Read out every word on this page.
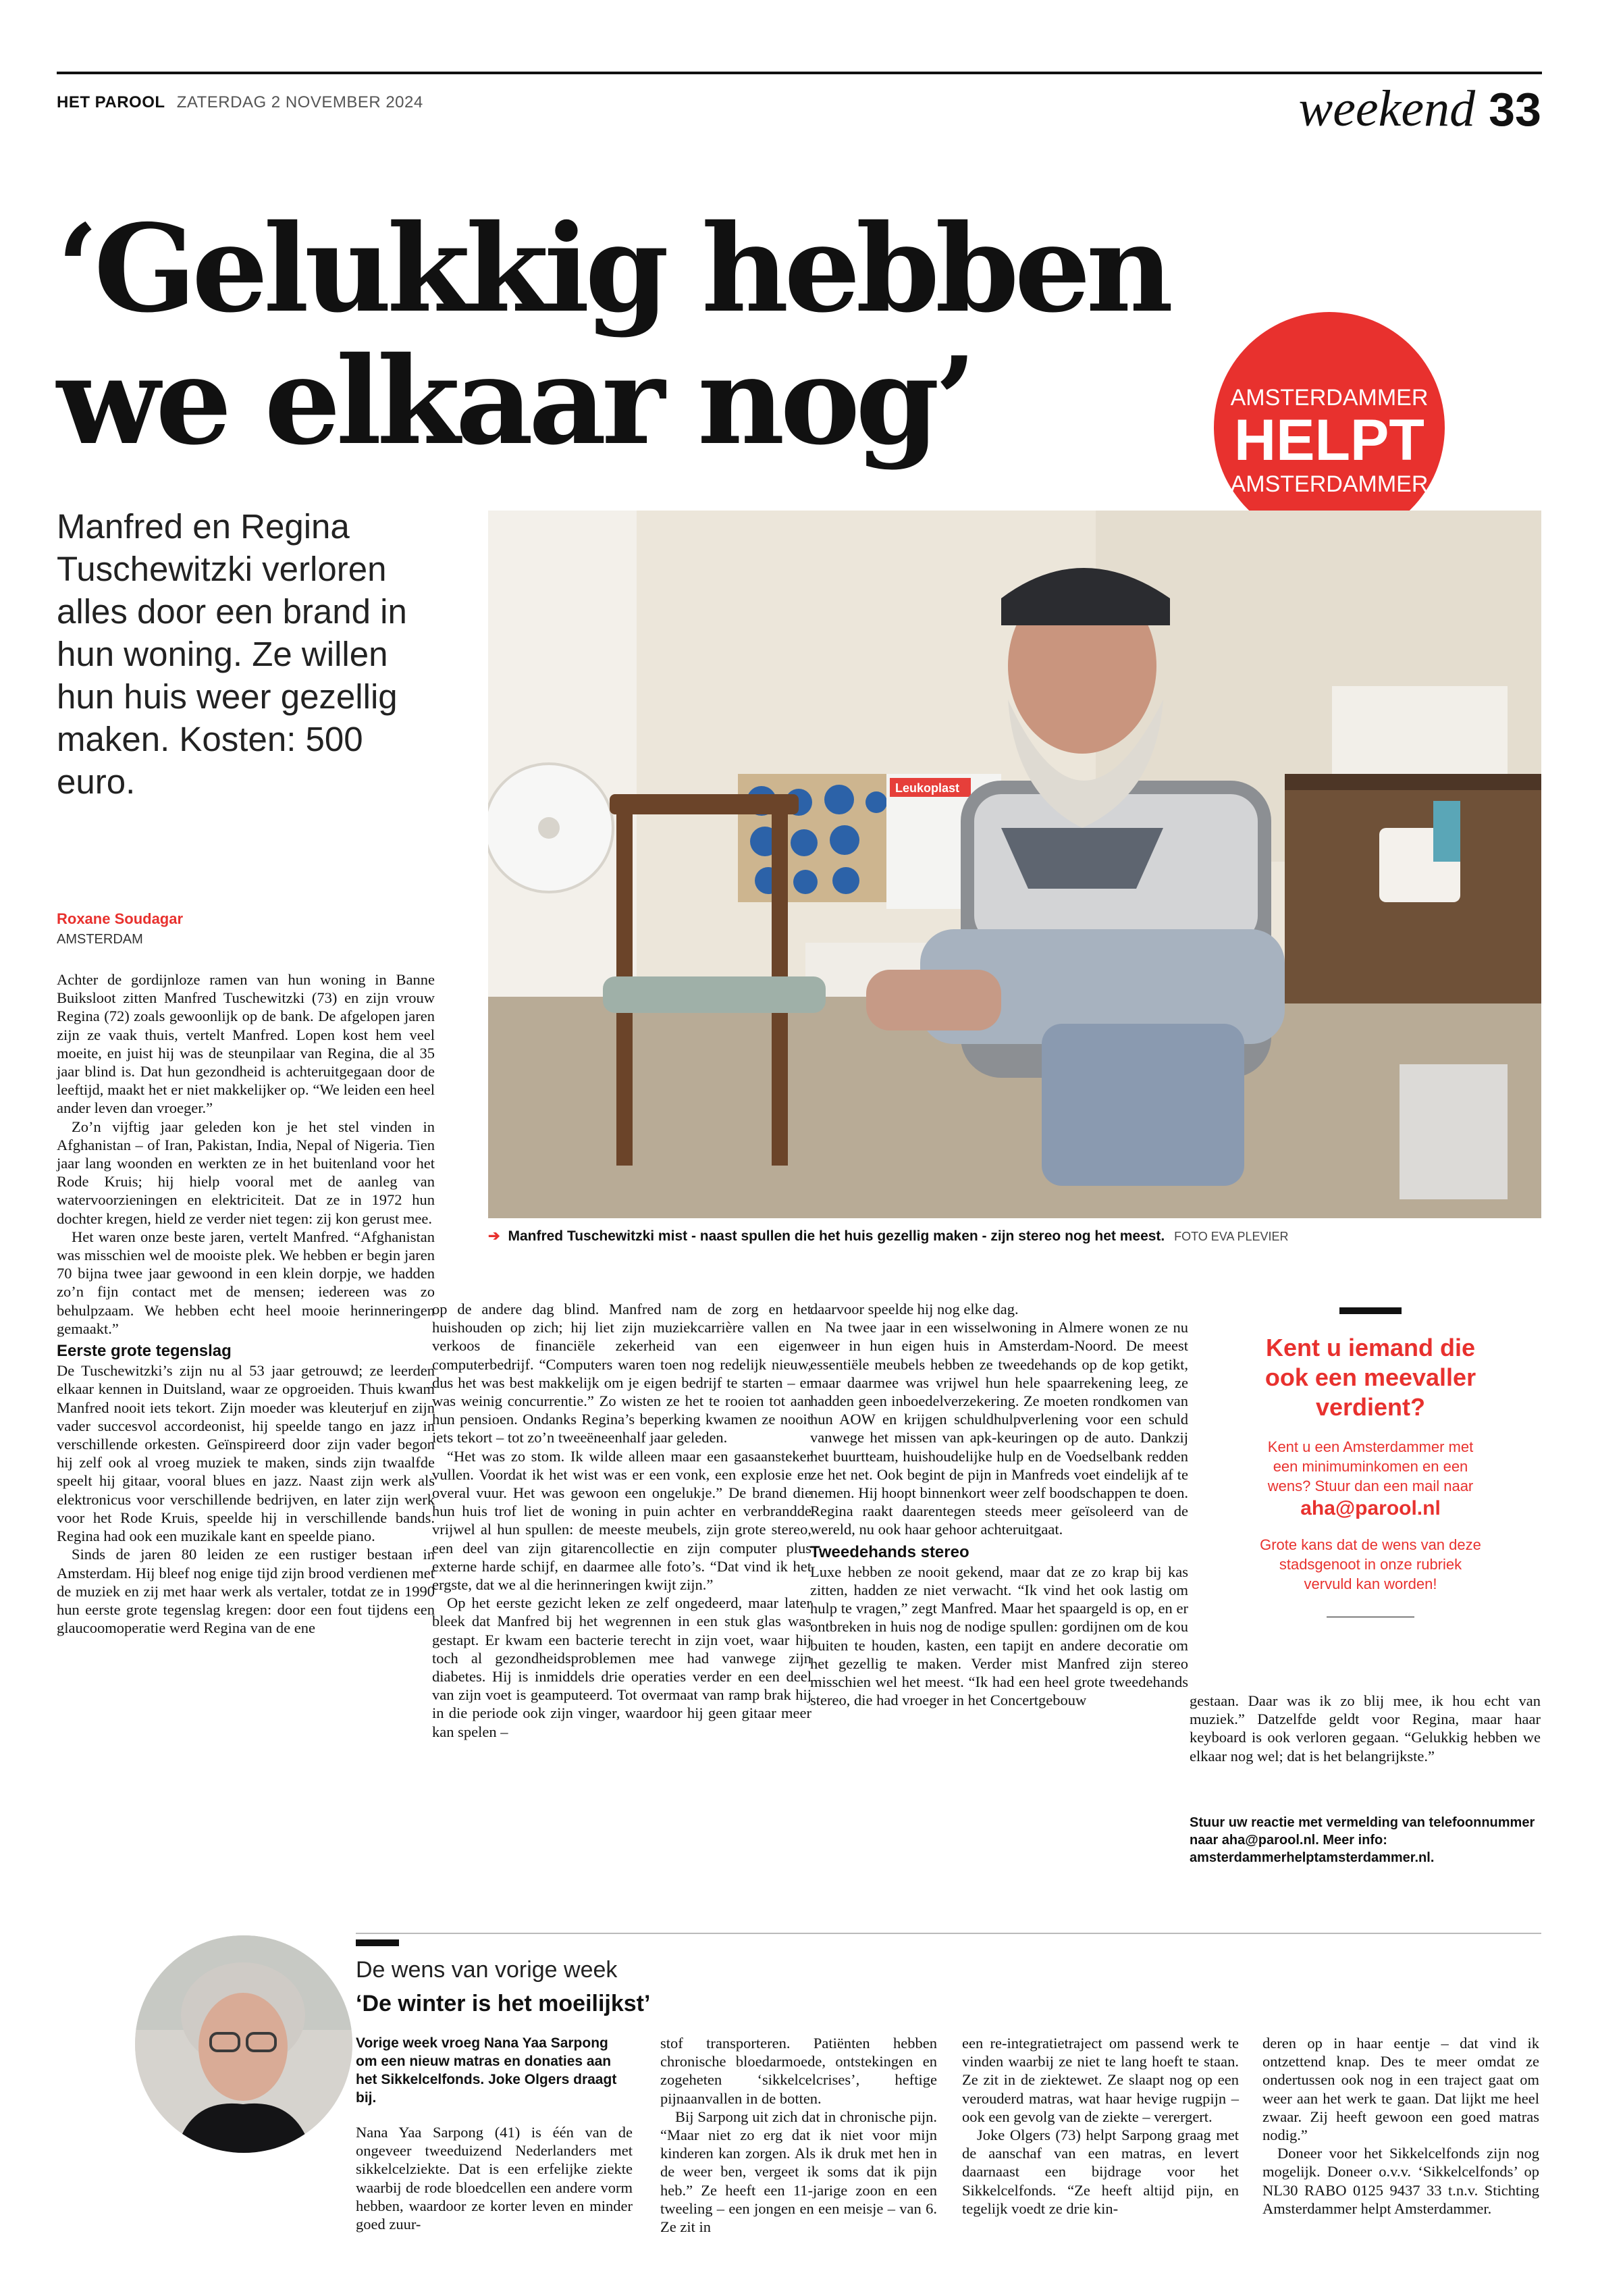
HET PAROOL ZATERDAG 2 NOVEMBER 2024	weekend 33
‘Gelukkig hebben
we elkaar nog’	AMSTERDAMMER
HELPT
AMSTERDAMMER
Manfred en Regina Tuschewitzki verloren alles door een brand in hun woning. Ze willen hun huis weer gezellig maken. Kosten: 500 euro.	Leukoplast
➔ Manfred Tuschewitzki mist - naast spullen die het huis gezellig maken - zijn stereo nog het meest. FOTO EVA PLEVIER
Roxane Soudagar
AMSTERDAM

Achter de gordijnloze ramen van hun woning in Banne Buiksloot zitten Manfred Tuschewitzki (73) en zijn vrouw Regina (72) zoals gewoonlijk op de bank. De afgelopen jaren zijn ze vaak thuis, vertelt Manfred. Lopen kost hem veel moeite, en juist hij was de steunpilaar van Regina, die al 35 jaar blind is. Dat hun gezondheid is achteruitgegaan door de leeftijd, maakt het er niet makkelijker op. “We leiden een heel ander leven dan vroeger.”

Zo’n vijftig jaar geleden kon je het stel vinden in Afghanistan – of Iran, Pakistan, India, Nepal of Nigeria. Tien jaar lang woonden en werkten ze in het buitenland voor het Rode Kruis; hij hielp vooral met de aanleg van watervoorzieningen en elektriciteit. Dat ze in 1972 hun dochter kregen, hield ze verder niet tegen: zij kon gerust mee.

Het waren onze beste jaren, vertelt Manfred. “Afghanistan was misschien wel de mooiste plek. We hebben er begin jaren 70 bijna twee jaar gewoond in een klein dorpje, we hadden zo’n fijn contact met de mensen; iedereen was zo behulpzaam. We hebben echt heel mooie herinneringen gemaakt.”

Eerste grote tegenslag

De Tuschewitzki’s zijn nu al 53 jaar getrouwd; ze leerden elkaar kennen in Duitsland, waar ze opgroeiden. Thuis kwam Manfred nooit iets tekort. Zijn moeder was kleuterjuf en zijn vader succesvol accordeonist, hij speelde tango en jazz in verschillende orkesten. Geïnspireerd door zijn vader begon hij zelf ook al vroeg muziek te maken, sinds zijn twaalfde speelt hij gitaar, vooral blues en jazz. Naast zijn werk als elektronicus voor verschillende bedrijven, en later zijn werk voor het Rode Kruis, speelde hij in verschillende bands. Regina had ook een muzikale kant en speelde piano.

Sinds de jaren 80 leiden ze een rustiger bestaan in Amsterdam. Hij bleef nog enige tijd zijn brood verdienen met de muziek en zij met haar werk als vertaler, totdat ze in 1990 hun eerste grote tegenslag kregen: door een fout tijdens een glaucoomoperatie werd Regina van de ene

op de andere dag blind. Manfred nam de zorg en het huishouden op zich; hij liet zijn muziekcarrière vallen en verkoos de financiële zekerheid van een eigen computerbedrijf. “Computers waren toen nog redelijk nieuw, dus het was best makkelijk om je eigen bedrijf te starten – er was weinig concurrentie.” Zo wisten ze het te rooien tot aan hun pensioen. Ondanks Regina’s beperking kwamen ze nooit iets tekort – tot zo’n tweeëneenhalf jaar geleden.

“Het was zo stom. Ik wilde alleen maar een gasaansteker vullen. Voordat ik het wist was er een vonk, een explosie en overal vuur. Het was gewoon een ongelukje.” De brand die hun huis trof liet de woning in puin achter en verbrandde vrijwel al hun spullen: de meeste meubels, zijn grote stereo, een deel van zijn gitarencollectie en zijn computer plus externe harde schijf, en daarmee alle foto’s. “Dat vind ik het ergste, dat we al die herinneringen kwijt zijn.”

Op het eerste gezicht leken ze zelf ongedeerd, maar later bleek dat Manfred bij het wegrennen in een stuk glas was gestapt. Er kwam een bacterie terecht in zijn voet, waar hij toch al gezondheidsproblemen mee had vanwege zijn diabetes. Hij is inmiddels drie operaties verder en een deel van zijn voet is geamputeerd. Tot overmaat van ramp brak hij in die periode ook zijn vinger, waardoor hij geen gitaar meer kan spelen –

daarvoor speelde hij nog elke dag.

Na twee jaar in een wisselwoning in Almere wonen ze nu weer in hun eigen huis in Amsterdam-Noord. De meest essentiële meubels hebben ze tweedehands op de kop getikt, maar daarmee was vrijwel hun hele spaarrekening leeg, ze hadden geen inboedelverzekering. Ze moeten rondkomen van hun AOW en krijgen schuldhulpverlening voor een schuld vanwege het missen van apk-keuringen op de auto. Dankzij het buurtteam, huishoudelijke hulp en de Voedselbank redden ze het net. Ook begint de pijn in Manfreds voet eindelijk af te nemen. Hij hoopt binnenkort weer zelf boodschappen te doen. Regina raakt daarentegen steeds meer geïsoleerd van de wereld, nu ook haar gehoor achteruitgaat.

Tweedehands stereo

Luxe hebben ze nooit gekend, maar dat ze zo krap bij kas zitten, hadden ze niet verwacht. “Ik vind het ook lastig om hulp te vragen,” zegt Manfred. Maar het spaargeld is op, en er ontbreken in huis nog de nodige spullen: gordijnen om de kou buiten te houden, kasten, een tapijt en andere decoratie om het gezellig te maken. Verder mist Manfred zijn stereo misschien wel het meest. “Ik had een heel grote tweedehands stereo, die had vroeger in het Concertgebouw

Kent u iemand die ook een meevaller verdient?
Kent u een Amsterdammer met een minimuminkomen en een wens? Stuur dan een mail naar
aha@parool.nl
Grote kans dat de wens van deze stadsgenoot in onze rubriek vervuld kan worden!

gestaan. Daar was ik zo blij mee, ik hou echt van muziek.” Datzelfde geldt voor Regina, maar haar keyboard is ook verloren gegaan. “Gelukkig hebben we elkaar nog wel; dat is het belangrijkste.”

Stuur uw reactie met vermelding van telefoonnummer naar aha@parool.nl. Meer info: amsterdammerhelptamsterdammer.nl.
De wens van vorige week
‘De winter is het moeilijkst’
Vorige week vroeg Nana Yaa Sarpong om een nieuw matras en donaties aan het Sikkelcelfonds. Joke Olgers draagt bij.

Nana Yaa Sarpong (41) is één van de ongeveer tweeduizend Nederlanders met sikkelcelziekte. Dat is een erfelijke ziekte waarbij de rode bloedcellen een andere vorm hebben, waardoor ze korter leven en minder goed zuur-

stof transporteren. Patiënten hebben chronische bloedarmoede, ontstekingen en zogeheten ‘sikkelcelcrises’, heftige pijnaanvallen in de botten.

Bij Sarpong uit zich dat in chronische pijn. “Maar niet zo erg dat ik niet voor mijn kinderen kan zorgen. Als ik druk met hen in de weer ben, vergeet ik soms dat ik pijn heb.” Ze heeft een 11-jarige zoon en een tweeling – een jongen en een meisje – van 6. Ze zit in

een re-integratietraject om passend werk te vinden waarbij ze niet te lang hoeft te staan. Ze zit in de ziektewet. Ze slaapt nog op een verouderd matras, wat haar hevige rugpijn – ook een gevolg van de ziekte – verergert.

Joke Olgers (73) helpt Sarpong graag met de aanschaf van een matras, en levert daarnaast een bijdrage voor het Sikkelcelfonds. “Ze heeft altijd pijn, en tegelijk voedt ze drie kin-

deren op in haar eentje – dat vind ik ontzettend knap. Des te meer omdat ze ondertussen ook nog in een traject gaat om weer aan het werk te gaan. Dat lijkt me heel zwaar. Zij heeft gewoon een goed matras nodig.”

Doneer voor het Sikkelcelfonds zijn nog mogelijk. Doneer o.v.v. ‘Sikkelcelfonds’ op NL30 RABO 0125 9437 33 t.n.v. Stichting Amsterdammer helpt Amsterdammer.
